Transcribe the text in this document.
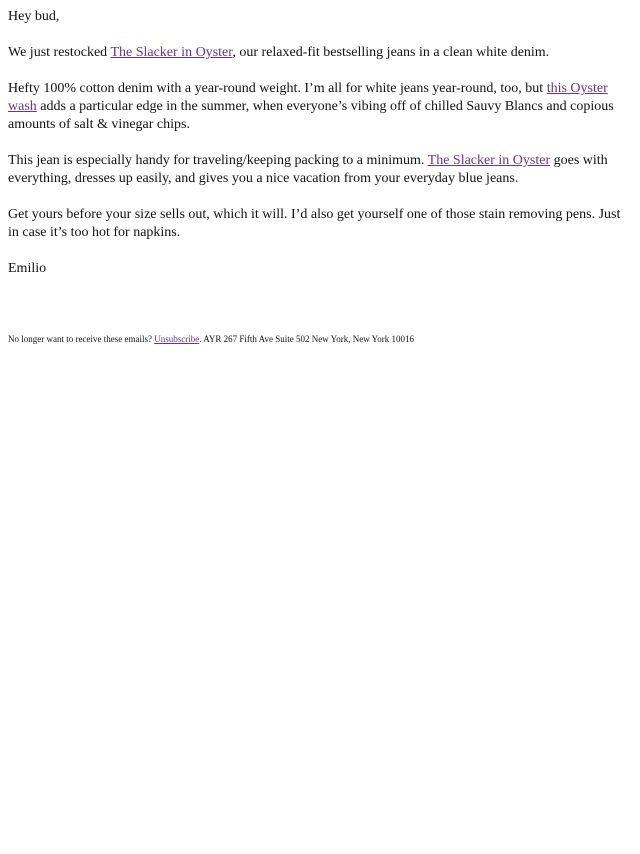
Hey bud,

We just restocked The Slacker in Oyster, our relaxed-fit bestselling jeans in a clean white denim.

Hefty 100% cotton denim with a year-round weight. I’m all for white jeans year-round, too, but this Oyster wash adds a particular edge in the summer, when everyone’s vibing off of chilled Sauvy Blancs and copious amounts of salt & vinegar chips.

This jean is especially handy for traveling/keeping packing to a minimum. The Slacker in Oyster goes with everything, dresses up easily, and gives you a nice vacation from your everyday blue jeans.

Get yours before your size sells out, which it will. I’d also get yourself one of those stain removing pens. Just in case it’s too hot for napkins.

Emilio

No longer want to receive these emails? Unsubscribe. AYR 267 Fifth Ave Suite 502 New York, New York 10016
